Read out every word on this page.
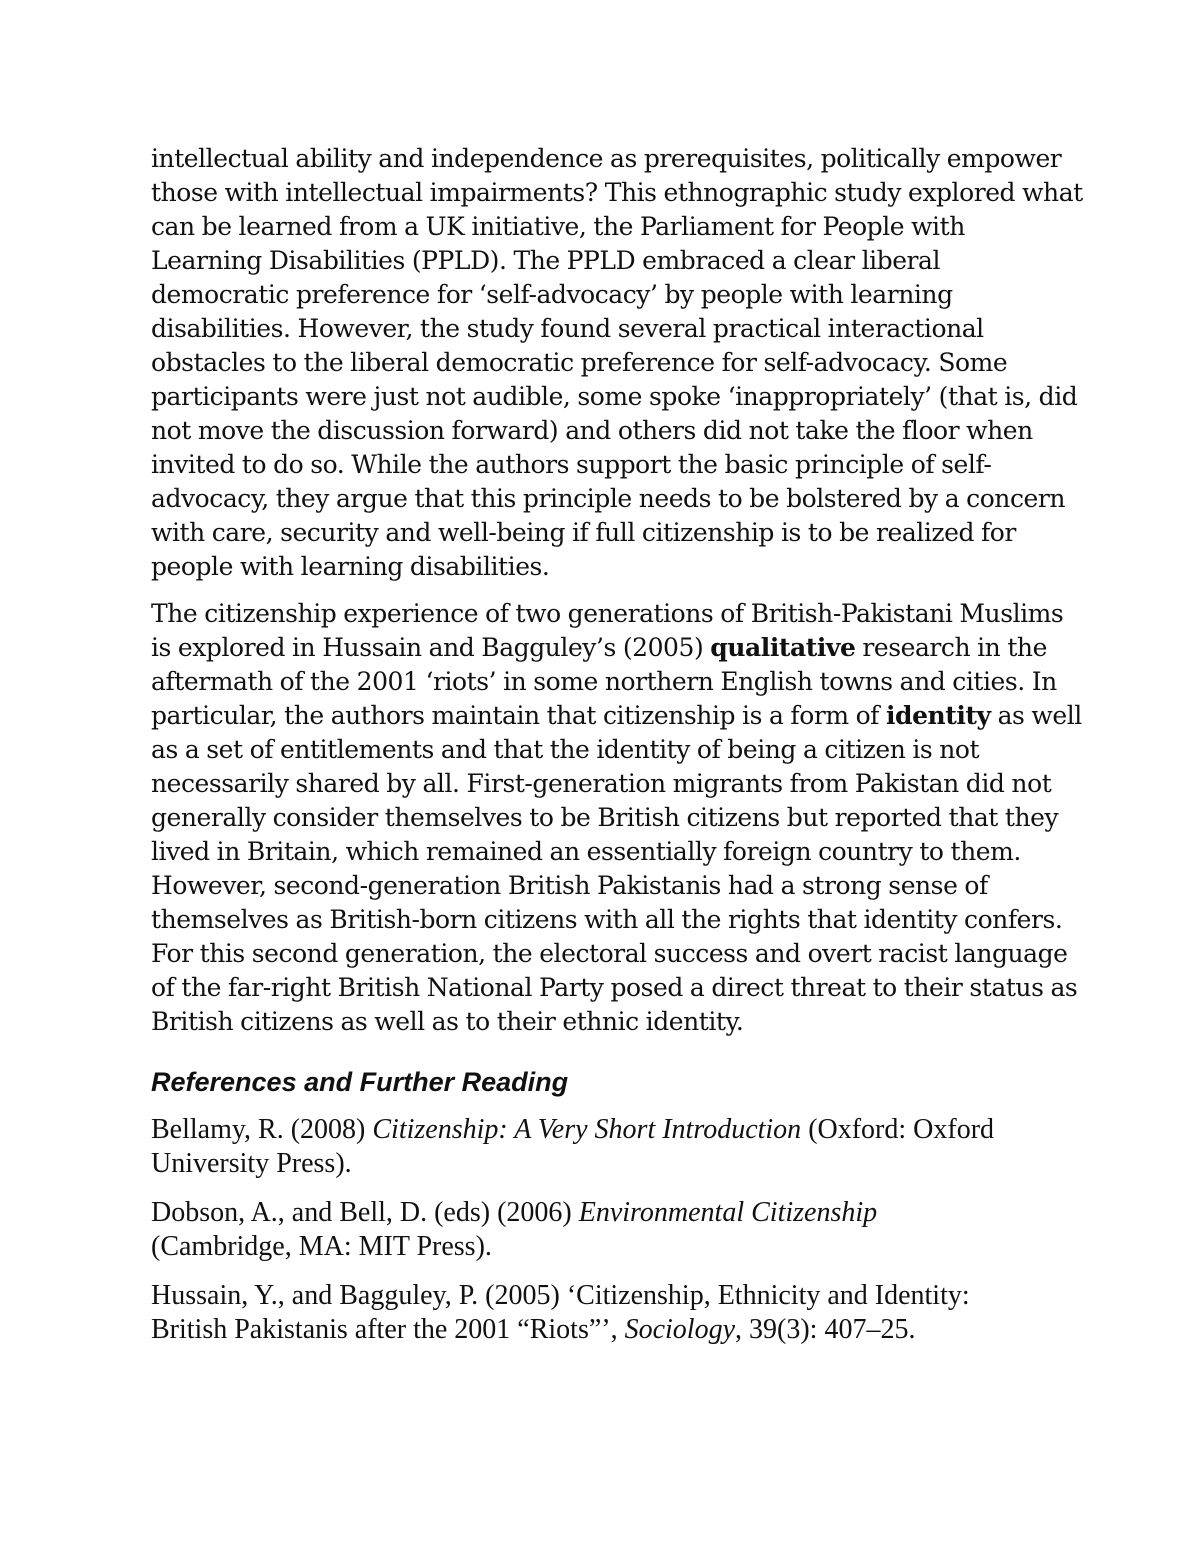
intellectual ability and independence as prerequisites, politically empower
those with intellectual impairments? This ethnographic study explored what
can be learned from a UK initiative, the Parliament for People with
Learning Disabilities (PPLD). The PPLD embraced a clear liberal
democratic preference for ‘self-advocacy’ by people with learning
disabilities. However, the study found several practical interactional
obstacles to the liberal democratic preference for self-advocacy. Some
participants were just not audible, some spoke ‘inappropriately’ (that is, did
not move the discussion forward) and others did not take the floor when
invited to do so. While the authors support the basic principle of self-
advocacy, they argue that this principle needs to be bolstered by a concern
with care, security and well-being if full citizenship is to be realized for
people with learning disabilities.
The citizenship experience of two generations of British-Pakistani Muslims
is explored in Hussain and Bagguley’s (2005) qualitative research in the
aftermath of the 2001 ‘riots’ in some northern English towns and cities. In
particular, the authors maintain that citizenship is a form of identity as well
as a set of entitlements and that the identity of being a citizen is not
necessarily shared by all. First-generation migrants from Pakistan did not
generally consider themselves to be British citizens but reported that they
lived in Britain, which remained an essentially foreign country to them.
However, second-generation British Pakistanis had a strong sense of
themselves as British-born citizens with all the rights that identity confers.
For this second generation, the electoral success and overt racist language
of the far-right British National Party posed a direct threat to their status as
British citizens as well as to their ethnic identity.
References and Further Reading
Bellamy, R. (2008) Citizenship: A Very Short Introduction (Oxford: Oxford
University Press).
Dobson, A., and Bell, D. (eds) (2006) Environmental Citizenship
(Cambridge, MA: MIT Press).
Hussain, Y., and Bagguley, P. (2005) ‘Citizenship, Ethnicity and Identity:
British Pakistanis after the 2001 “Riots”’, Sociology, 39(3): 407–25.
